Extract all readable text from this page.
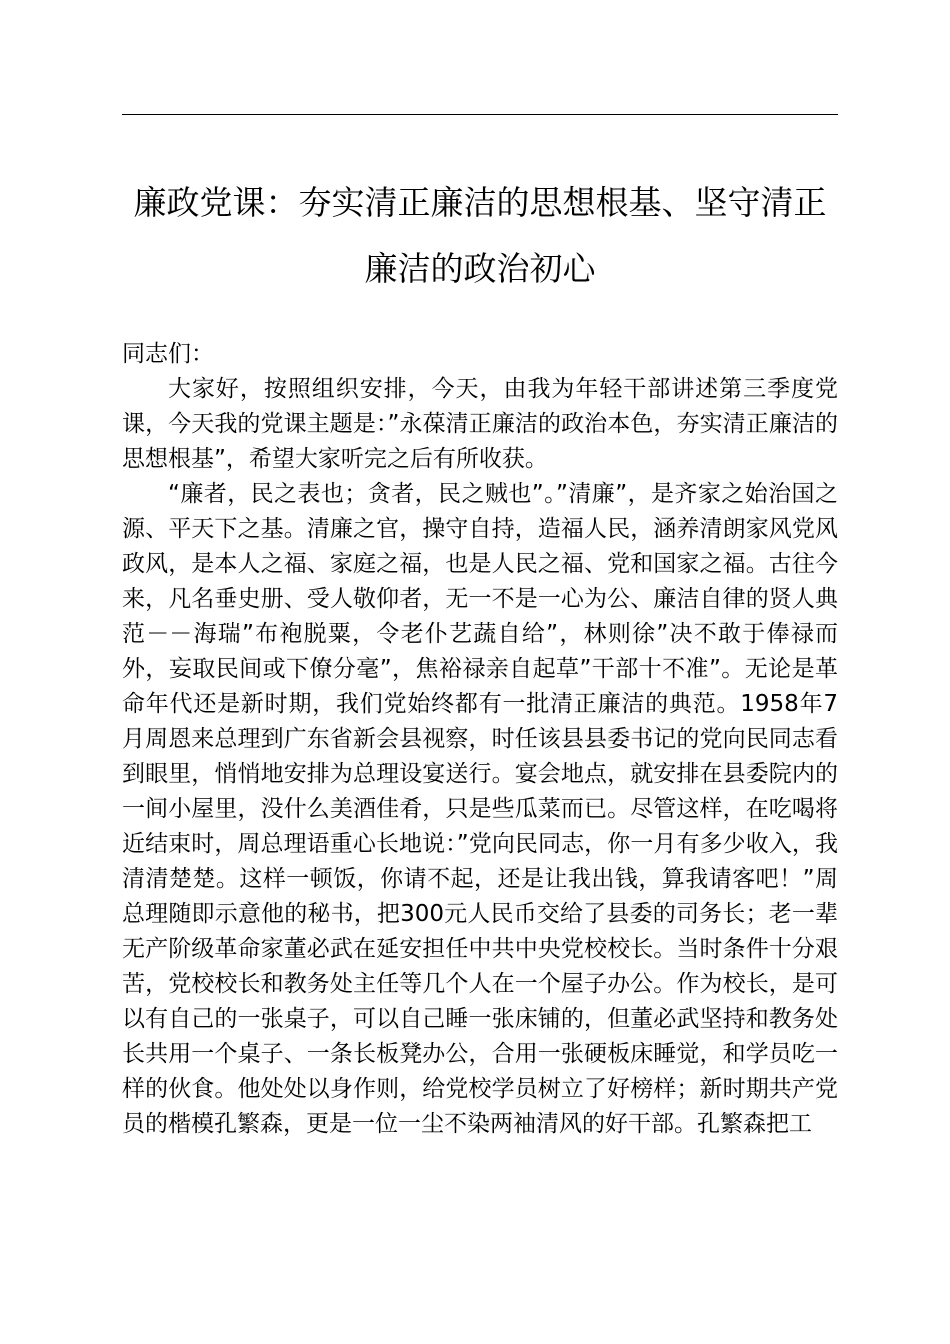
廉政党课：夯实清正廉洁的思想根基、坚守清正廉洁的政治初心

同志们：

大家好，按照组织安排，今天，由我为年轻干部讲述第三季度党课，今天我的党课主题是：”永葆清正廉洁的政治本色，夯实清正廉洁的思想根基”，希望大家听完之后有所收获。

“廉者，民之表也；贪者，民之贼也”。”清廉”，是齐家之始治国之源、平天下之基。清廉之官，操守自持，造福人民，涵养清朗家风党风政风，是本人之福、家庭之福，也是人民之福、党和国家之福。古往今来，凡名垂史册、受人敬仰者，无一不是一心为公、廉洁自律的贤人典范－－海瑞”布袍脱粟，令老仆艺蔬自给”，林则徐”决不敢于俸禄而外，妄取民间或下僚分毫”，焦裕禄亲自起草”干部十不准”。无论是革命年代还是新时期，我们党始终都有一批清正廉洁的典范。1958年7月周恩来总理到广东省新会县视察，时任该县县委书记的党向民同志看到眼里，悄悄地安排为总理设宴送行。宴会地点，就安排在县委院内的一间小屋里，没什么美酒佳肴，只是些瓜菜而已。尽管这样，在吃喝将近结束时，周总理语重心长地说：”党向民同志，你一月有多少收入，我清清楚楚。这样一顿饭，你请不起，还是让我出钱，算我请客吧！”周总理随即示意他的秘书，把300元人民币交给了县委的司务长；老一辈无产阶级革命家董必武在延安担任中共中央党校校长。当时条件十分艰苦，党校校长和教务处主任等几个人在一个屋子办公。作为校长，是可以有自己的一张桌子，可以自己睡一张床铺的，但董必武坚持和教务处长共用一个桌子、一条长板凳办公，合用一张硬板床睡觉，和学员吃一样的伙食。他处处以身作则，给党校学员树立了好榜样；新时期共产党员的楷模孔繁森，更是一位一尘不染两袖清风的好干部。孔繁森把工
